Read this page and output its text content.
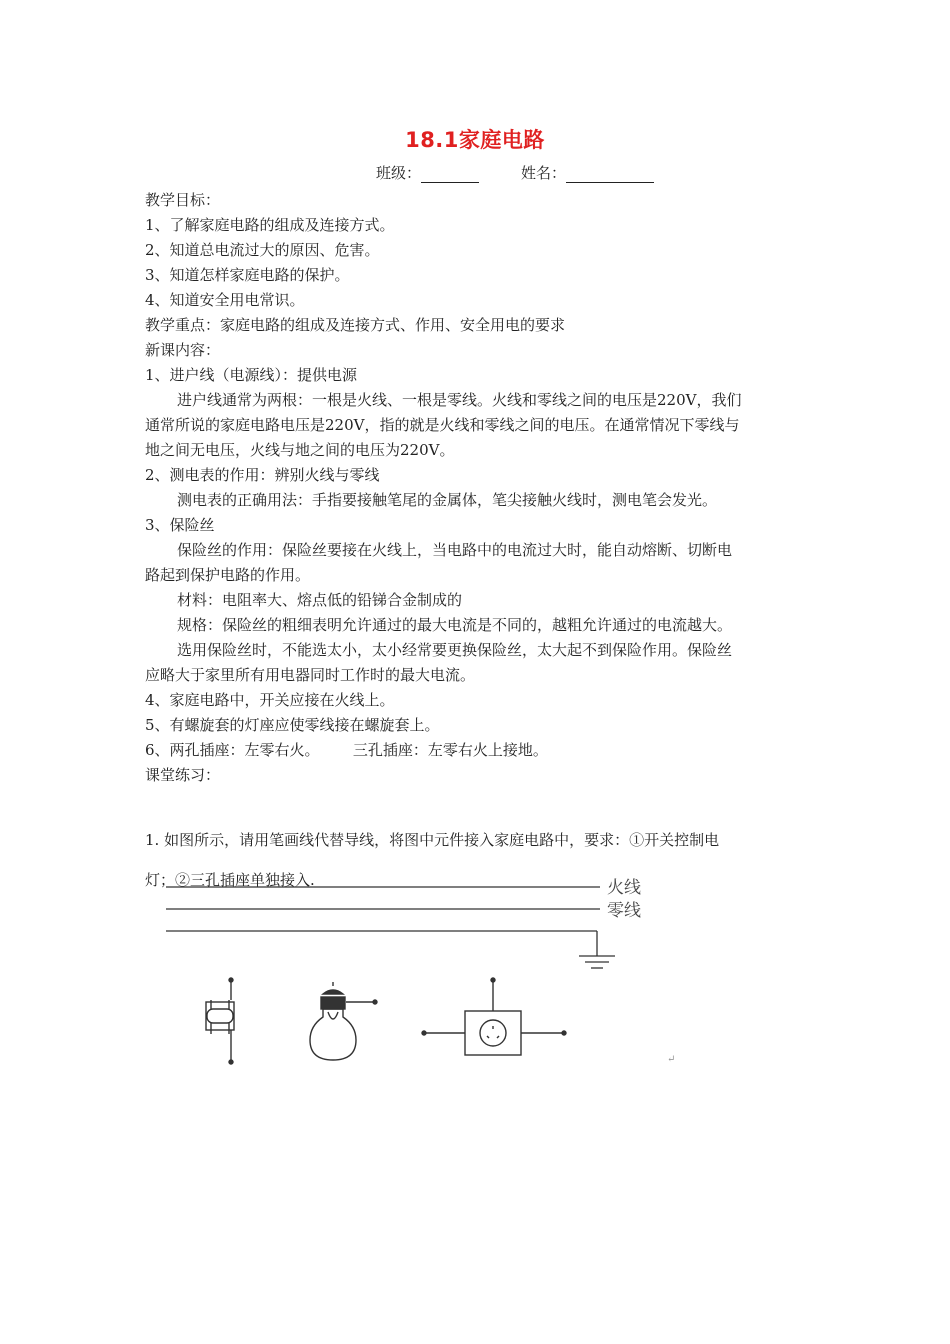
18.1家庭电路
班级：	姓名：
教学目标：
1、了解家庭电路的组成及连接方式。
2、知道总电流过大的原因、危害。
3、知道怎样家庭电路的保护。
4、知道安全用电常识。
教学重点：家庭电路的组成及连接方式、作用、安全用电的要求
新课内容：
1、进户线（电源线）：提供电源
进户线通常为两根：一根是火线、一根是零线。火线和零线之间的电压是220V，我们
通常所说的家庭电路电压是220V，指的就是火线和零线之间的电压。在通常情况下零线与
地之间无电压，火线与地之间的电压为220V。
2、测电表的作用：辨别火线与零线
测电表的正确用法：手指要接触笔尾的金属体，笔尖接触火线时，测电笔会发光。
3、保险丝
保险丝的作用：保险丝要接在火线上，当电路中的电流过大时，能自动熔断、切断电
路起到保护电路的作用。
材料：电阻率大、熔点低的铅锑合金制成的
规格：保险丝的粗细表明允许通过的最大电流是不同的，越粗允许通过的电流越大。
选用保险丝时，不能选太小，太小经常要更换保险丝，太大起不到保险作用。保险丝
应略大于家里所有用电器同时工作时的最大电流。
4、家庭电路中，开关应接在火线上。
5、有螺旋套的灯座应使零线接在螺旋套上。
6、两孔插座：左零右火。       三孔插座：左零右火上接地。
课堂练习：
1. 如图所示，请用笔画线代替导线，将图中元件接入家庭电路中，要求：①开关控制电
灯；②三孔插座单独接入.	火线
零线
↵
